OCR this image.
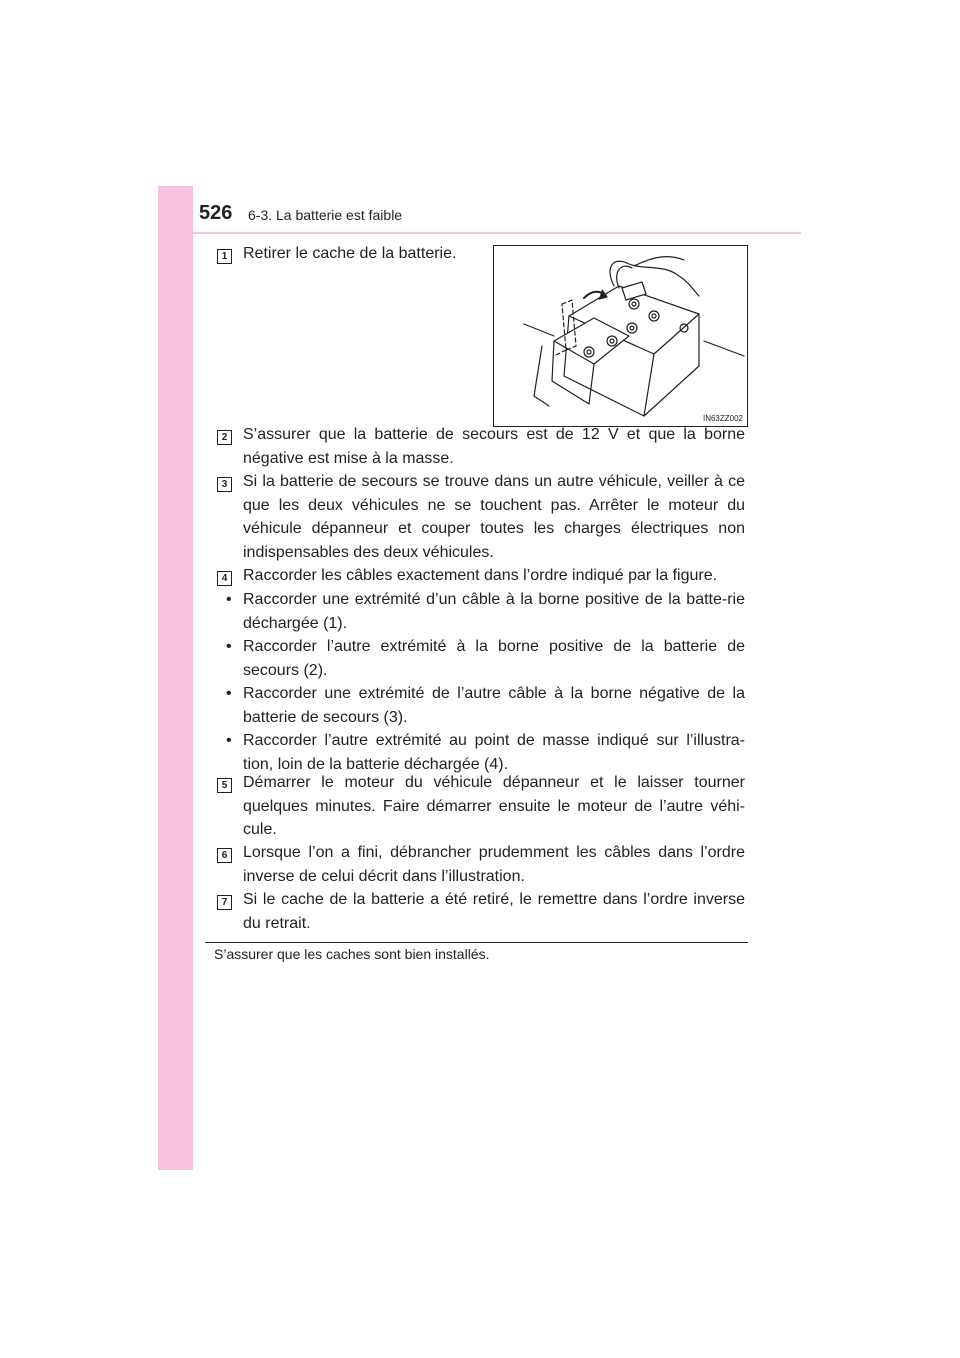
526 6-3. La batterie est faible
1 Retirer le cache de la batterie.
IN63ZZ002
2 S’assurer que la batterie de secours est de 12 V et que la borne négative est mise à la masse.
3 Si la batterie de secours se trouve dans un autre véhicule, veiller à ce que les deux véhicules ne se touchent pas. Arrêter le moteur du véhicule dépanneur et couper toutes les charges électriques non indispensables des deux véhicules.
4 Raccorder les câbles exactement dans l’ordre indiqué par la figure.
• Raccorder une extrémité d’un câble à la borne positive de la batte-rie déchargée (1).
• Raccorder l’autre extrémité à la borne positive de la batterie de secours (2).
• Raccorder une extrémité de l’autre câble à la borne négative de la batterie de secours (3).
• Raccorder l’autre extrémité au point de masse indiqué sur l’illustra-tion, loin de la batterie déchargée (4).
5 Démarrer le moteur du véhicule dépanneur et le laisser tourner quelques minutes. Faire démarrer ensuite le moteur de l’autre véhi-cule.
6 Lorsque l’on a fini, débrancher prudemment les câbles dans l’ordre inverse de celui décrit dans l’illustration.
7 Si le cache de la batterie a été retiré, le remettre dans l’ordre inverse du retrait.
S’assurer que les caches sont bien installés.
